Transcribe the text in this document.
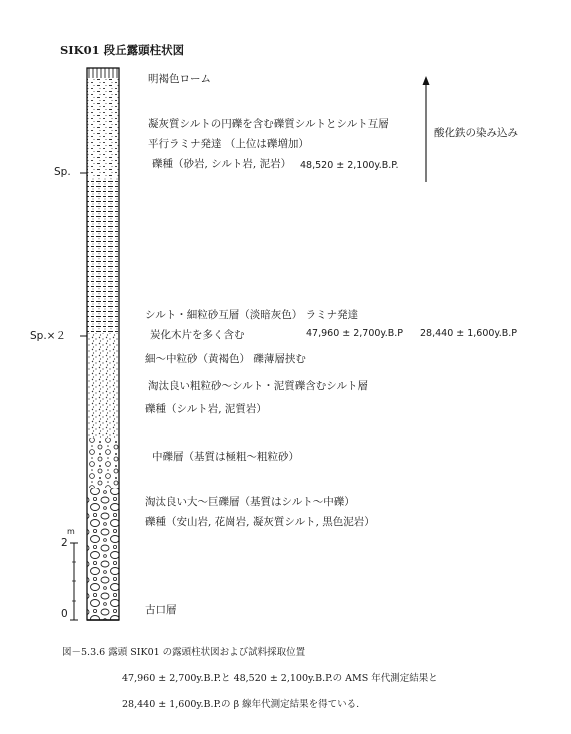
SIK01 段丘露頭柱状図
明褐色ローム
凝灰質シルトの円礫を含む礫質シルトとシルト互層
平行ラミナ発達 （上位は礫増加）
礫種（砂岩, シルト岩, 泥岩）
シルト・細粒砂互層（淡暗灰色） ラミナ発達
炭化木片を多く含む
細～中粒砂（黄褐色） 礫薄層挟む
淘汰良い粗粒砂～シルト・泥質礫含むシルト層
礫種（シルト岩, 泥質岩）
中礫層（基質は極粗～粗粒砂）
淘汰良い大～巨礫層（基質はシルト～中礫）
礫種（安山岩, 花崗岩, 凝灰質シルト, 黒色泥岩）
古口層
酸化鉄の染み込み
48,520 ± 2,100y.B.P.
47,960 ± 2,700y.B.P 28,440 ± 1,600y.B.P
Sp.
Sp.×２
2
m
0
図－5.3.6 露頭 SIK01 の露頭柱状図および試料採取位置
47,960 ± 2,700y.B.P.と 48,520 ± 2,100y.B.P.の AMS 年代測定結果と
28,440 ± 1,600y.B.P.の β 線年代測定結果を得ている.
